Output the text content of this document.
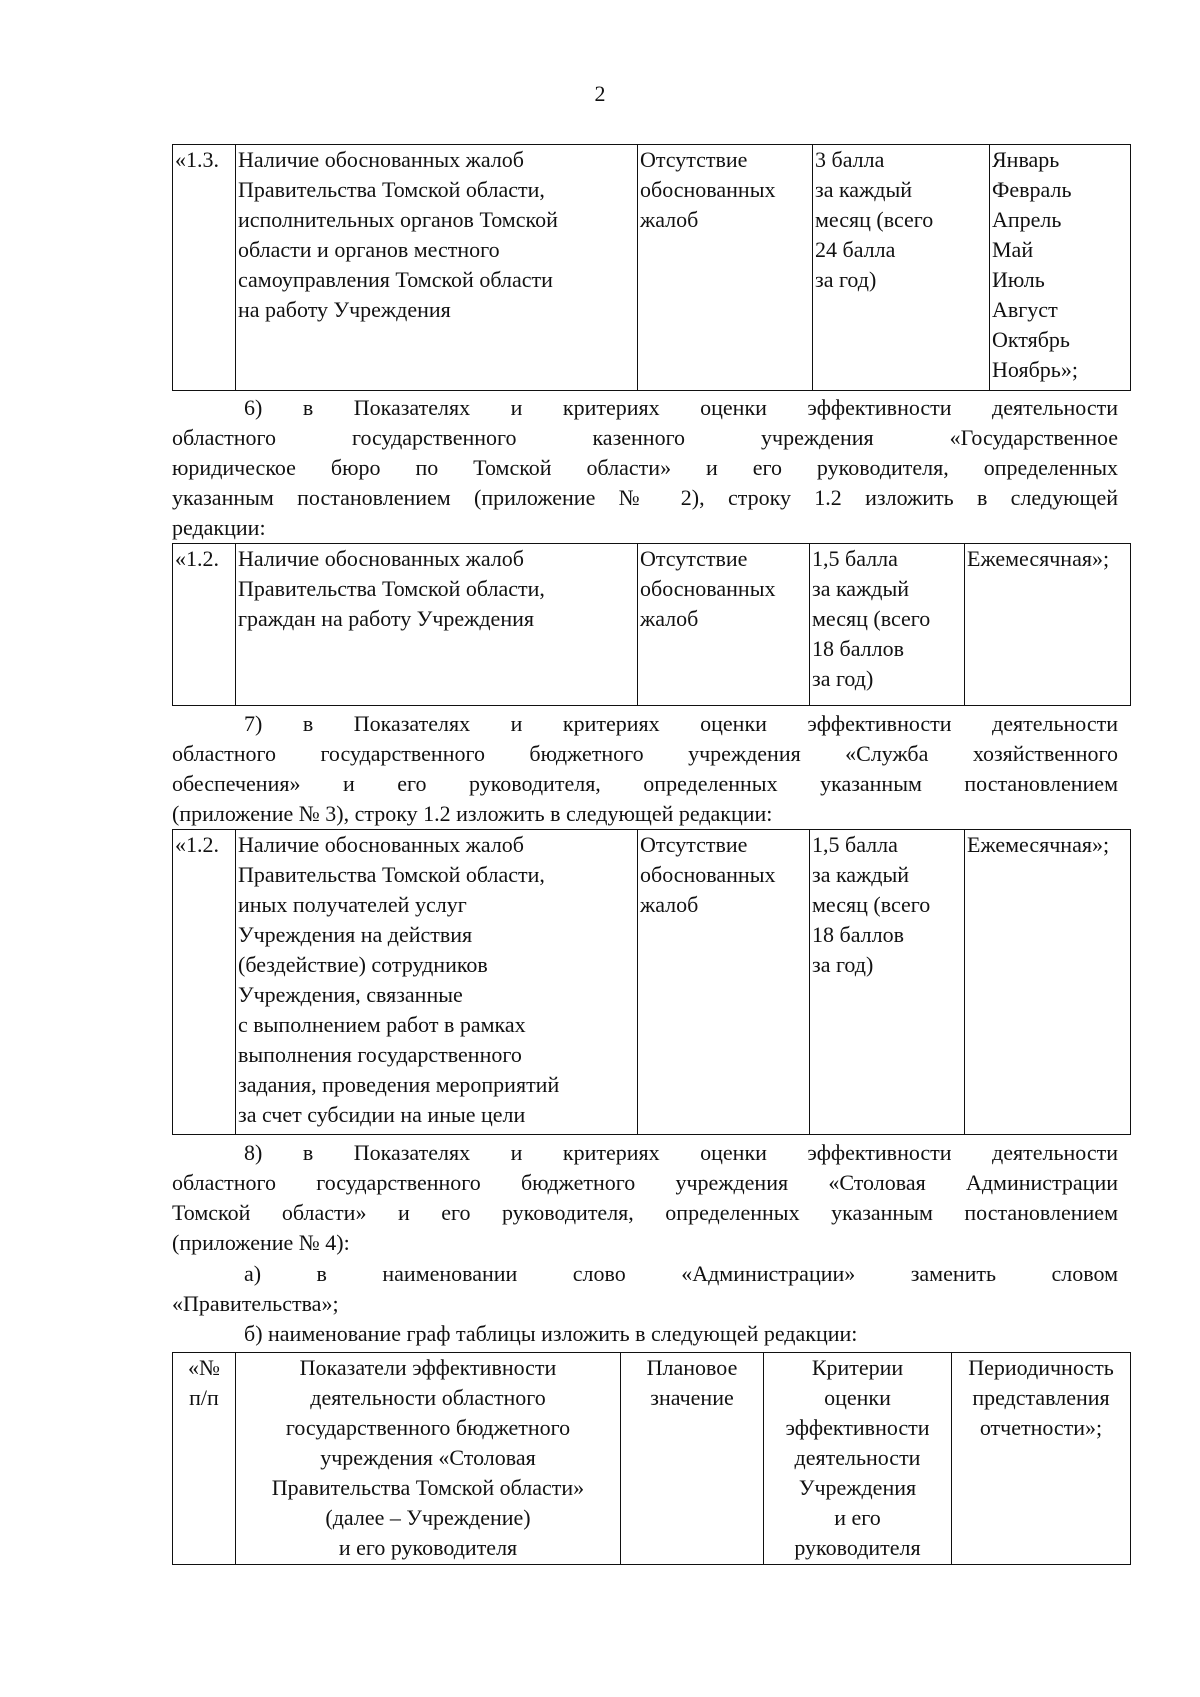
2
«1.3.	Наличие обоснованных жалоб
Правительства Томской области,
исполнительных органов Томской
области и органов местного
самоуправления Томской области
на работу Учреждения	Отсутствие
обоснованных
жалоб	3 балла
за каждый
месяц (всего
24 балла
за год)	Январь
Февраль
Апрель
Май
Июль
Август
Октябрь
Ноябрь»;
6) в Показателях и критериях оценки эффективности деятельности
областного государственного казенного учреждения «Государственное
юридическое бюро по Томской области» и его руководителя, определенных
указанным постановлением (приложение № 2), строку 1.2 изложить в следующей
редакции:
«1.2.	Наличие обоснованных жалоб
Правительства Томской области,
граждан на работу Учреждения	Отсутствие
обоснованных
жалоб	1,5 балла
за каждый
месяц (всего
18 баллов
за год)	Ежемесячная»;
7) в Показателях и критериях оценки эффективности деятельности
областного государственного бюджетного учреждения «Служба хозяйственного
обеспечения» и его руководителя, определенных указанным постановлением
(приложение № 3), строку 1.2 изложить в следующей редакции:
«1.2.	Наличие обоснованных жалоб
Правительства Томской области,
иных получателей услуг
Учреждения на действия
(бездействие) сотрудников
Учреждения, связанные
с выполнением работ в рамках
выполнения государственного
задания, проведения мероприятий
за счет субсидии на иные цели	Отсутствие
обоснованных
жалоб	1,5 балла
за каждый
месяц (всего
18 баллов
за год)	Ежемесячная»;
8) в Показателях и критериях оценки эффективности деятельности
областного государственного бюджетного учреждения «Столовая Администрации
Томской области» и его руководителя, определенных указанным постановлением
(приложение № 4):
а) в наименовании слово «Администрации» заменить словом
«Правительства»;
б) наименование граф таблицы изложить в следующей редакции:
«№
п/п	Показатели эффективности
деятельности областного
государственного бюджетного
учреждения «Столовая
Правительства Томской области»
(далее – Учреждение)
и его руководителя	Плановое
значение	Критерии
оценки
эффективности
деятельности
Учреждения
и его
руководителя	Периодичность
представления
отчетности»;
